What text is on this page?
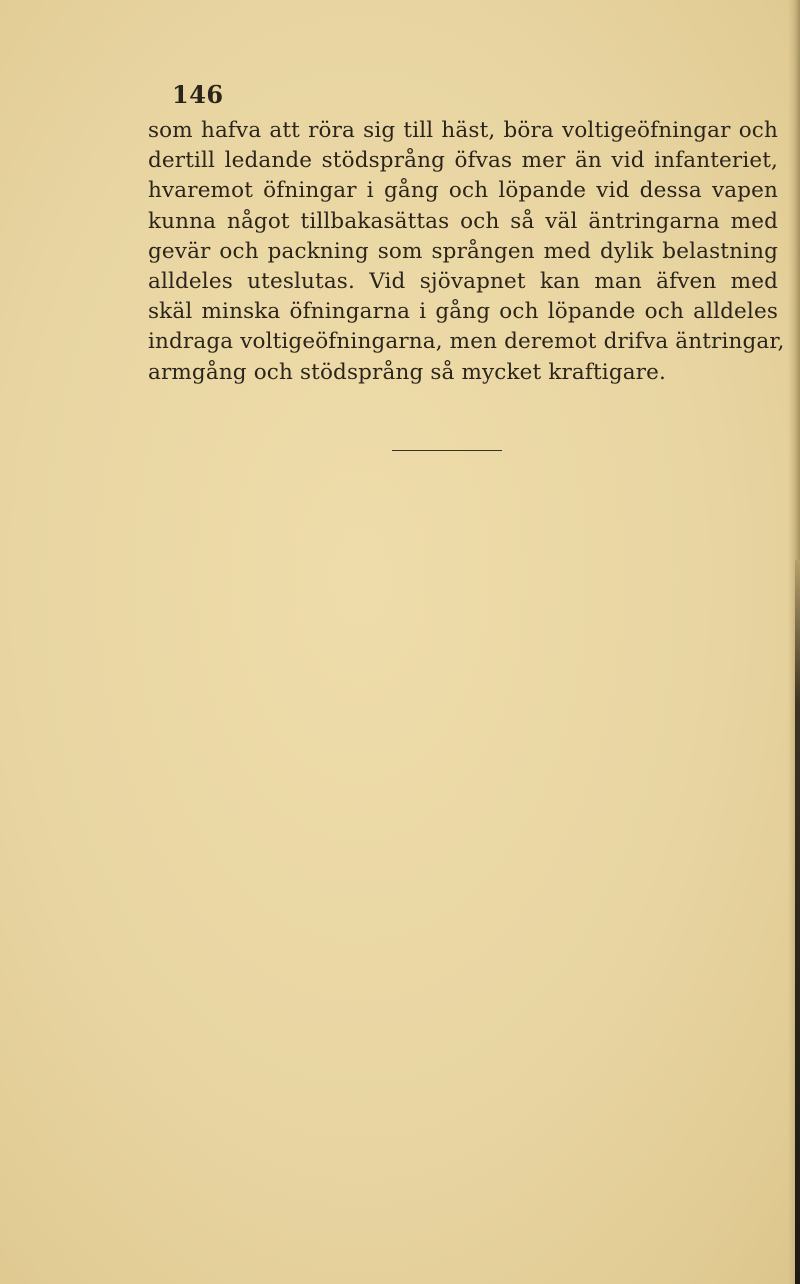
146
som hafva att röra sig till häst, böra voltigeöfningar och
dertill ledande stödsprång öfvas mer än vid infanteriet,
hvaremot öfningar i gång och löpande vid dessa vapen
kunna något tillbakasättas och så väl äntringarna med
gevär och packning som sprången med dylik belastning
alldeles uteslutas. Vid sjövapnet kan man äfven med
skäl minska öfningarna i gång och löpande och alldeles
indraga voltigeöfningarna, men deremot drifva äntringar,
armgång och stödsprång så mycket kraftigare.
